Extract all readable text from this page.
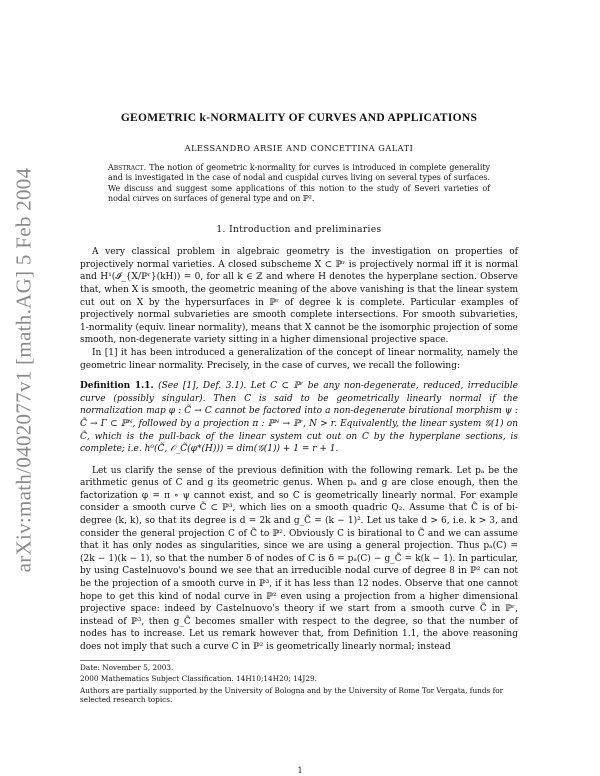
arXiv:math/0402077v1 [math.AG] 5 Feb 2004
GEOMETRIC k-NORMALITY OF CURVES AND APPLICATIONS
ALESSANDRO ARSIE AND CONCETTINA GALATI
Abstract. The notion of geometric k-normality for curves is introduced in complete generality and is investigated in the case of nodal and cuspidal curves living on several types of surfaces. We discuss and suggest some applications of this notion to the study of Severi varieties of nodal curves on surfaces of general type and on ℙ².
1. Introduction and preliminaries

A very classical problem in algebraic geometry is the investigation on properties of projectively normal varieties. A closed subscheme X ⊂ ℙʳ is projectively normal iff it is normal and H¹(𝓘_{X/ℙʳ}(kH)) = 0, for all k ∈ ℤ and where H denotes the hyperplane section. Observe that, when X is smooth, the geometric meaning of the above vanishing is that the linear system cut out on X by the hypersurfaces in ℙʳ of degree k is complete. Particular examples of projectively normal subvarieties are smooth complete intersections. For smooth subvarieties, 1-normality (equiv. linear normality), means that X cannot be the isomorphic projection of some smooth, non-degenerate variety sitting in a higher dimensional projective space.

In [1] it has been introduced a generalization of the concept of linear normality, namely the geometric linear normality. Precisely, in the case of curves, we recall the following:

Definition 1.1. (See [1], Def. 3.1). Let C ⊂ ℙʳ be any non-degenerate, reduced, irreducible curve (possibly singular). Then C is said to be geometrically linearly normal if the normalization map φ : C̃ → C cannot be factored into a non-degenerate birational morphism ψ : C̃ → Γ ⊂ ℙᴺ, followed by a projection π : ℙᴺ → ℙʳ, N > r. Equivalently, the linear system 𝒢(1) on C̃, which is the pull-back of the linear system cut out on C by the hyperplane sections, is complete; i.e. h⁰(C̃, 𝒪_C̃(φ*(H))) = dim(𝒢(1)) + 1 = r + 1.

Let us clarify the sense of the previous definition with the following remark. Let pₐ be the arithmetic genus of C and g its geometric genus. When pₐ and g are close enough, then the factorization φ = π ∘ ψ cannot exist, and so C is geometrically linearly normal. For example consider a smooth curve C̃ ⊂ ℙ³, which lies on a smooth quadric Q₂. Assume that C̃ is of bi-degree (k, k), so that its degree is d = 2k and g_C̃ = (k − 1)². Let us take d > 6, i.e. k > 3, and consider the general projection C of C̃ to ℙ². Obviously C is birational to C̃ and we can assume that it has only nodes as singularities, since we are using a general projection. Thus pₐ(C) = (2k − 1)(k − 1), so that the number δ of nodes of C is δ = pₐ(C) − g_C̃ = k(k − 1). In particular, by using Castelnuovo's bound we see that an irreducible nodal curve of degree 8 in ℙ² can not be the projection of a smooth curve in ℙ³, if it has less than 12 nodes. Observe that one cannot hope to get this kind of nodal curve in ℙ² even using a projection from a higher dimensional projective space: indeed by Castelnuovo's theory if we start from a smooth curve C̃ in ℙʳ, instead of ℙ³, then g_C̃ becomes smaller with respect to the degree, so that the number of nodes has to increase. Let us remark however that, from Definition 1.1, the above reasoning does not imply that such a curve C in ℙ² is geometrically linearly normal; instead

Date: November 5, 2003.

2000 Mathematics Subject Classification. 14H10;14H20; 14J29.

Authors are partially supported by the University of Bologna and by the University of Rome Tor Vergata, funds for selected research topics.

1
